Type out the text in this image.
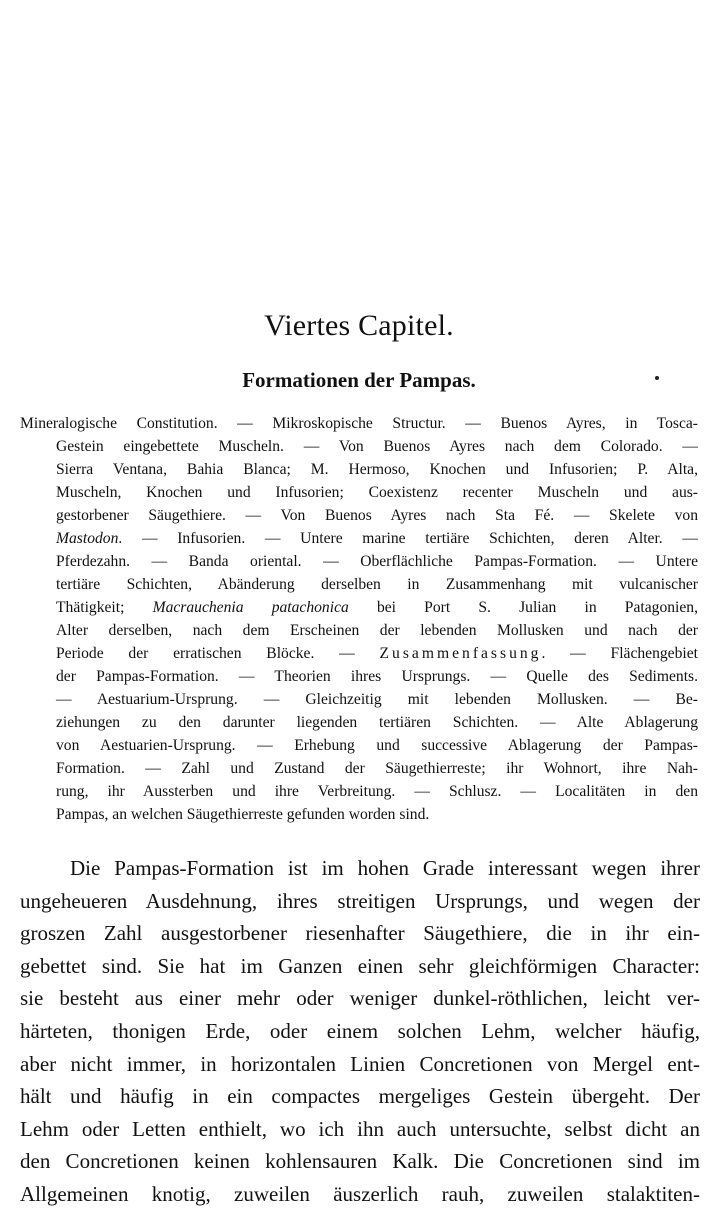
Viertes Capitel.
Formationen der Pampas.
Mineralogische Constitution. — Mikroskopische Structur. — Buenos Ayres, in Tosca-
Gestein eingebettete Muscheln. — Von Buenos Ayres nach dem Colorado. —
Sierra Ventana, Bahia Blanca; M. Hermoso, Knochen und Infusorien; P. Alta,
Muscheln, Knochen und Infusorien; Coexistenz recenter Muscheln und aus-
gestorbener Säugethiere. — Von Buenos Ayres nach Sta Fé. — Skelete von
Mastodon. — Infusorien. — Untere marine tertiäre Schichten, deren Alter. —
Pferdezahn. — Banda oriental. — Oberflächliche Pampas-Formation. — Untere
tertiäre Schichten, Abänderung derselben in Zusammenhang mit vulcanischer
Thätigkeit; Macrauchenia patachonica bei Port S. Julian in Patagonien,
Alter derselben, nach dem Erscheinen der lebenden Mollusken und nach der
Periode der erratischen Blöcke. — Zusammenfassung. — Flächengebiet
der Pampas-Formation. — Theorien ihres Ursprungs. — Quelle des Sediments.
— Aestuarium-Ursprung. — Gleichzeitig mit lebenden Mollusken. — Be-
ziehungen zu den darunter liegenden tertiären Schichten. — Alte Ablagerung
von Aestuarien-Ursprung. — Erhebung und successive Ablagerung der Pampas-
Formation. — Zahl und Zustand der Säugethierreste; ihr Wohnort, ihre Nah-
rung, ihr Aussterben und ihre Verbreitung. — Schlusz. — Localitäten in den
Pampas, an welchen Säugethierreste gefunden worden sind.
Die Pampas-Formation ist im hohen Grade interessant wegen ihrer
ungeheueren Ausdehnung, ihres streitigen Ursprungs, und wegen der
groszen Zahl ausgestorbener riesenhafter Säugethiere, die in ihr ein-
gebettet sind. Sie hat im Ganzen einen sehr gleichförmigen Character:
sie besteht aus einer mehr oder weniger dunkel-röthlichen, leicht ver-
härteten, thonigen Erde, oder einem solchen Lehm, welcher häufig,
aber nicht immer, in horizontalen Linien Concretionen von Mergel ent-
hält und häufig in ein compactes mergeliges Gestein übergeht. Der
Lehm oder Letten enthielt, wo ich ihn auch untersuchte, selbst dicht an
den Concretionen keinen kohlensauren Kalk. Die Concretionen sind im
Allgemeinen knotig, zuweilen äuszerlich rauh, zuweilen stalaktiten-
